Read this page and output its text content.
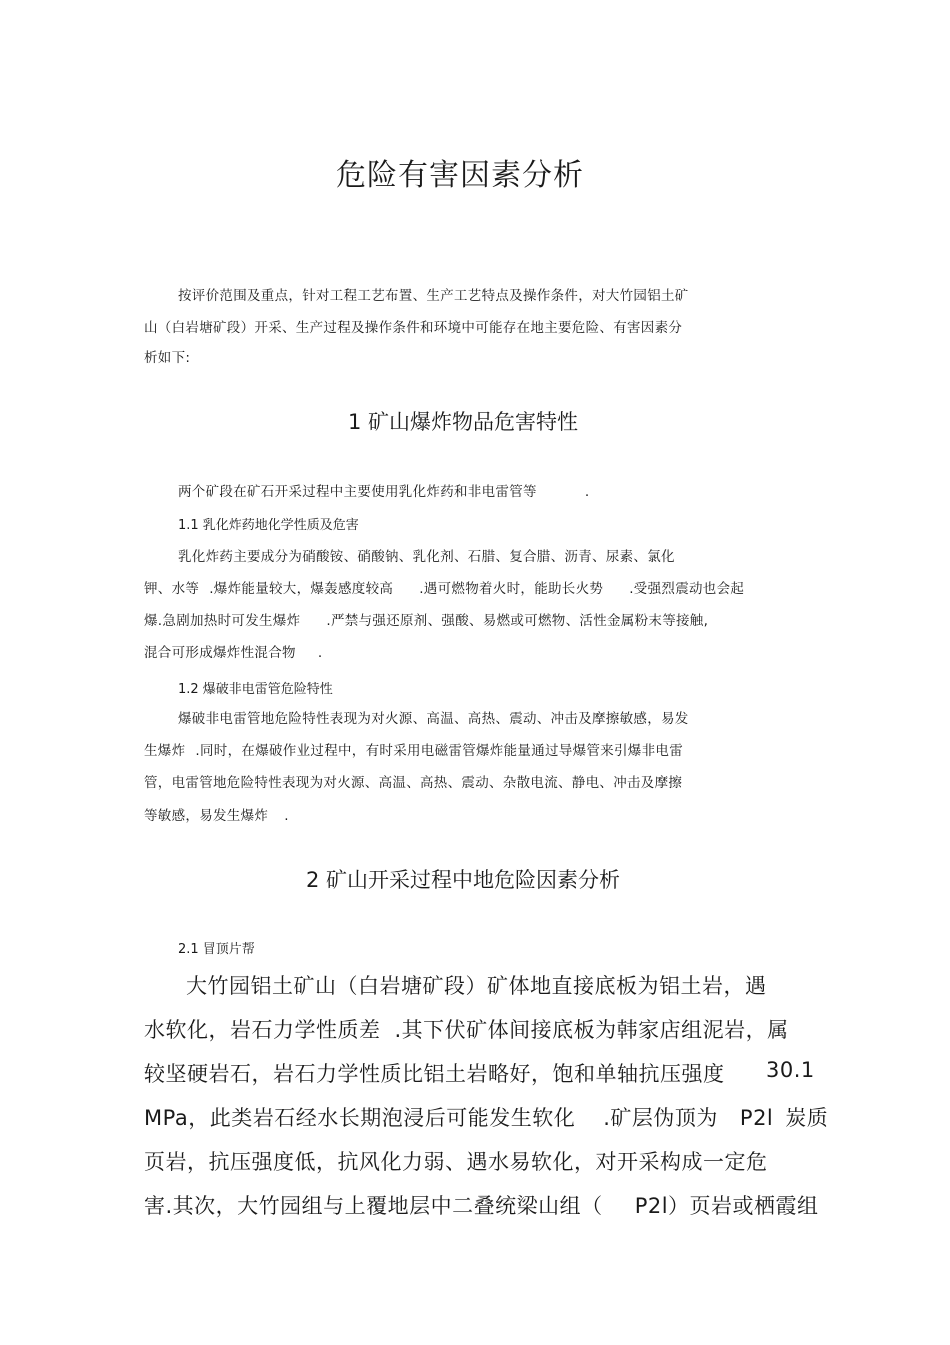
危险有害因素分析
按评价范围及重点，针对工程工艺布置、生产工艺特点及操作条件，对大竹园铝土矿
山（白岩塘矿段）开采、生产过程及操作条件和环境中可能存在地主要危险、有害因素分
析如下:
1 矿山爆炸物品危害特性
两个矿段在矿石开采过程中主要使用乳化炸药和非电雷管等	.
1.1 乳化炸药地化学性质及危害
乳化炸药主要成分为硝酸铵、硝酸钠、乳化剂、石腊、复合腊、沥青、尿素、氯化
钾、水等 .爆炸能量较大，爆轰感度较高 .遇可燃物着火时，能助长火势 .受强烈震动也会起
爆.急剧加热时可发生爆炸 .严禁与强还原剂、强酸、易燃或可燃物、活性金属粉末等接触,
混合可形成爆炸性混合物 .
1.2 爆破非电雷管危险特性
爆破非电雷管地危险特性表现为对火源、高温、高热、震动、冲击及摩擦敏感，易发
生爆炸 .同时，在爆破作业过程中，有时采用电磁雷管爆炸能量通过导爆管来引爆非电雷
管，电雷管地危险特性表现为对火源、高温、高热、震动、杂散电流、静电、冲击及摩擦
等敏感，易发生爆炸 .
2 矿山开采过程中地危险因素分析
2.1 冒顶片帮
大竹园铝土矿山（白岩塘矿段）矿体地直接底板为铝土岩，遇
水软化，岩石力学性质差 .其下伏矿体间接底板为韩家店组泥岩，属
较坚硬岩石，岩石力学性质比铝土岩略好，饱和单轴抗压强度 30.1
MPa，此类岩石经水长期泡浸后可能发生软化 .矿层伪顶为 P2l 炭质
页岩，抗压强度低，抗风化力弱、遇水易软化，对开采构成一定危
害.其次，大竹园组与上覆地层中二叠统梁山组（ P2l）页岩或栖霞组
